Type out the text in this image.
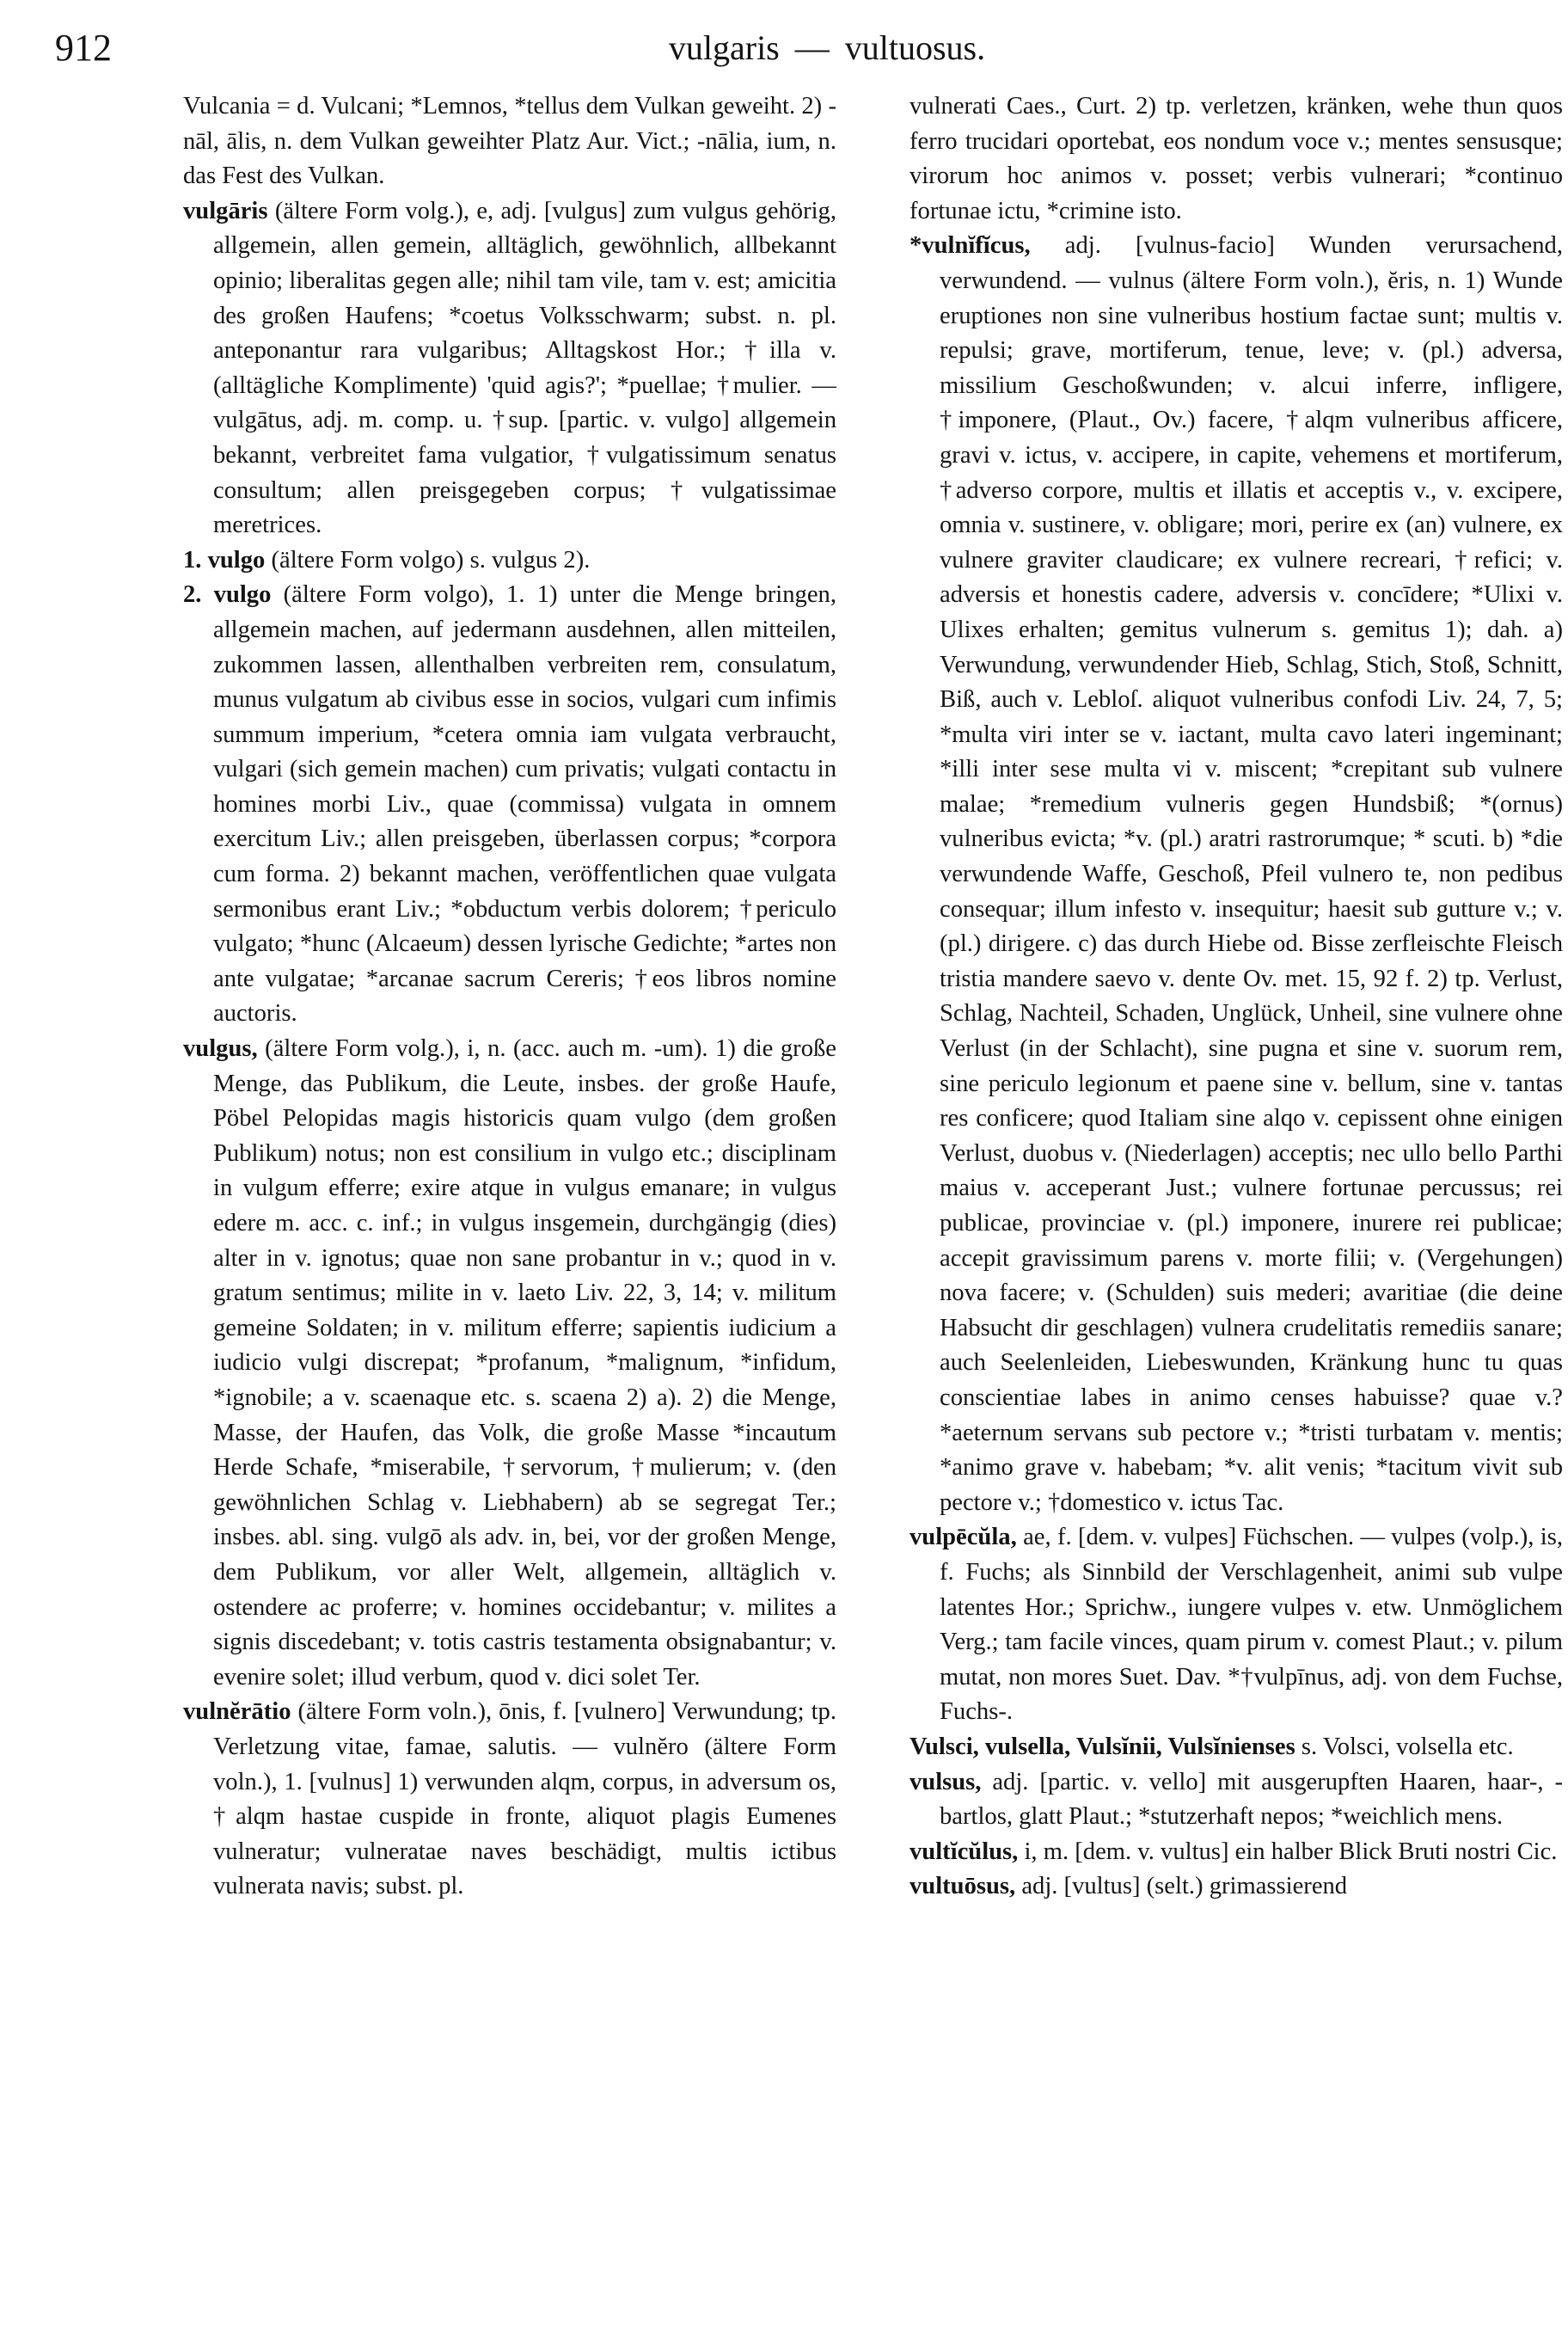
912	vulgaris — vultuosus.

Vulcania = d. Vulcani; *Lemnos, *tellus dem Vulkan geweiht. 2) -nāl, ālis, n. dem Vulkan geweihter Platz Aur. Vict.; -nālia, ium, n. das Fest des Vulkan.

vulgāris (ältere Form volg.), e, adj. [vulgus] zum vulgus gehörig, allgemein, allen gemein, alltäglich, gewöhnlich, allbekannt opinio; liberalitas gegen alle; nihil tam vile, tam v. est; amicitia des großen Haufens; *coetus Volksschwarm; subst. n. pl. anteponantur rara vulgaribus; Alltagskost Hor.; †illa v. (alltägliche Komplimente) 'quid agis?'; *puellae; †mulier. — vulgātus, adj. m. comp. u. †sup. [partic. v. vulgo] allgemein bekannt, verbreitet fama vulgatior, †vulgatissimum senatus consultum; allen preisgegeben corpus; †vulgatissimae meretrices.

1. vulgo (ältere Form volgo) s. vulgus 2).

2. vulgo (ältere Form volgo), 1. 1) unter die Menge bringen, allgemein machen, auf jedermann ausdehnen, allen mitteilen, zukommen lassen, allenthalben verbreiten rem, consulatum, munus vulgatum ab civibus esse in socios, vulgari cum infimis summum imperium, *cetera omnia iam vulgata verbraucht, vulgari (sich gemein machen) cum privatis; vulgati contactu in homines morbi Liv., quae (commissa) vulgata in omnem exercitum Liv.; allen preisgeben, überlassen corpus; *corpora cum forma. 2) bekannt machen, veröffentlichen quae vulgata sermonibus erant Liv.; *obductum verbis dolorem; †periculo vulgato; *hunc (Alcaeum) dessen lyrische Gedichte; *artes non ante vulgatae; *arcanae sacrum Cereris; †eos libros nomine auctoris.

vulgus, (ältere Form volg.), i, n. (acc. auch m. -um). 1) die große Menge, das Publikum, die Leute, insbes. der große Haufe, Pöbel Pelopidas magis historicis quam vulgo (dem großen Publikum) notus; non est consilium in vulgo etc.; disciplinam in vulgum efferre; exire atque in vulgus emanare; in vulgus edere m. acc. c. inf.; in vulgus insgemein, durchgängig (dies) alter in v. ignotus; quae non sane probantur in v.; quod in v. gratum sentimus; milite in v. laeto Liv. 22, 3, 14; v. militum gemeine Soldaten; in v. militum efferre; sapientis iudicium a iudicio vulgi discrepat; *profanum, *malignum, *infidum, *ignobile; a v. scaenaque etc. s. scaena 2) a). 2) die Menge, Masse, der Haufen, das Volk, die große Masse *incautum Herde Schafe, *miserabile, †servorum, †mulierum; v. (den gewöhnlichen Schlag v. Liebhabern) ab se segregat Ter.; insbes. abl. sing. vulgō als adv. in, bei, vor der großen Menge, dem Publikum, vor aller Welt, allgemein, alltäglich v. ostendere ac proferre; v. homines occidebantur; v. milites a signis discedebant; v. totis castris testamenta obsignabantur; v. evenire solet; illud verbum, quod v. dici solet Ter.

vulnĕrātio (ältere Form voln.), ōnis, f. [vulnero] Verwundung; tp. Verletzung vitae, famae, salutis. — vulnĕro (ältere Form voln.), 1. [vulnus] 1) verwunden alqm, corpus, in adversum os, †alqm hastae cuspide in fronte, aliquot plagis Eumenes vulneratur; vulneratae naves beschädigt, multis ictibus vulnerata navis; subst. pl.

vulnerati Caes., Curt. 2) tp. verletzen, kränken, wehe thun quos ferro trucidari oportebat, eos nondum voce v.; mentes sensusque; virorum hoc animos v. posset; verbis vulnerari; *continuo fortunae ictu, *crimine isto.

*vulnĭfĭcus, adj. [vulnus-facio] Wunden verursachend, verwundend. — vulnus (ältere Form voln.), ĕris, n. 1) Wunde eruptiones non sine vulneribus hostium factae sunt; multis v. repulsi; grave, mortiferum, tenue, leve; v. (pl.) adversa, missilium Geschoßwunden; v. alcui inferre, infligere, †imponere, (Plaut., Ov.) facere, †alqm vulneribus afficere, gravi v. ictus, v. accipere, in capite, vehemens et mortiferum, †adverso corpore, multis et illatis et acceptis v., v. excipere, omnia v. sustinere, v. obligare; mori, perire ex (an) vulnere, ex vulnere graviter claudicare; ex vulnere recreari, †refici; v. adversis et honestis cadere, adversis v. concīdere; *Ulixi v. Ulixes erhalten; gemitus vulnerum s. gemitus 1); dah. a) Verwundung, verwundender Hieb, Schlag, Stich, Stoß, Schnitt, Biß, auch v. Lebloſ. aliquot vulneribus confodi Liv. 24, 7, 5; *multa viri inter se v. iactant, multa cavo lateri ingeminant; *illi inter sese multa vi v. miscent; *crepitant sub vulnere malae; *remedium vulneris gegen Hundsbiß; *(ornus) vulneribus evicta; *v. (pl.) aratri rastrorumque; * scuti. b) *die verwundende Waffe, Geschoß, Pfeil vulnero te, non pedibus consequar; illum infesto v. insequitur; haesit sub gutture v.; v. (pl.) dirigere. c) das durch Hiebe od. Bisse zerfleischte Fleisch tristia mandere saevo v. dente Ov. met. 15, 92 f. 2) tp. Verlust, Schlag, Nachteil, Schaden, Unglück, Unheil, sine vulnere ohne Verlust (in der Schlacht), sine pugna et sine v. suorum rem, sine periculo legionum et paene sine v. bellum, sine v. tantas res conficere; quod Italiam sine alqo v. cepissent ohne einigen Verlust, duobus v. (Niederlagen) acceptis; nec ullo bello Parthi maius v. acceperant Just.; vulnere fortunae percussus; rei publicae, provinciae v. (pl.) imponere, inurere rei publicae; accepit gravissimum parens v. morte filii; v. (Vergehungen) nova facere; v. (Schulden) suis mederi; avaritiae (die deine Habsucht dir geschlagen) vulnera crudelitatis remediis sanare; auch Seelenleiden, Liebeswunden, Kränkung hunc tu quas conscientiae labes in animo censes habuisse? quae v.? *aeternum servans sub pectore v.; *tristi turbatam v. mentis; *animo grave v. habebam; *v. alit venis; *tacitum vivit sub pectore v.; †domestico v. ictus Tac.

vulpēcŭla, ae, f. [dem. v. vulpes] Füchschen. — vulpes (volp.), is, f. Fuchs; als Sinnbild der Verschlagenheit, animi sub vulpe latentes Hor.; Sprichw., iungere vulpes v. etw. Unmöglichem Verg.; tam facile vinces, quam pirum v. comest Plaut.; v. pilum mutat, non mores Suet. Dav. *†vulpīnus, adj. von dem Fuchse, Fuchs-.

Vulsci, vulsella, Vulsĭnii, Vulsĭnienses s. Volsci, volsella etc.

vulsus, adj. [partic. v. vello] mit ausgerupften Haaren, haar-, -bartlos, glatt Plaut.; *stutzerhaft nepos; *weichlich mens.

vultĭcŭlus, i, m. [dem. v. vultus] ein halber Blick Bruti nostri Cic.

vultuōsus, adj. [vultus] (selt.) grimassierend
